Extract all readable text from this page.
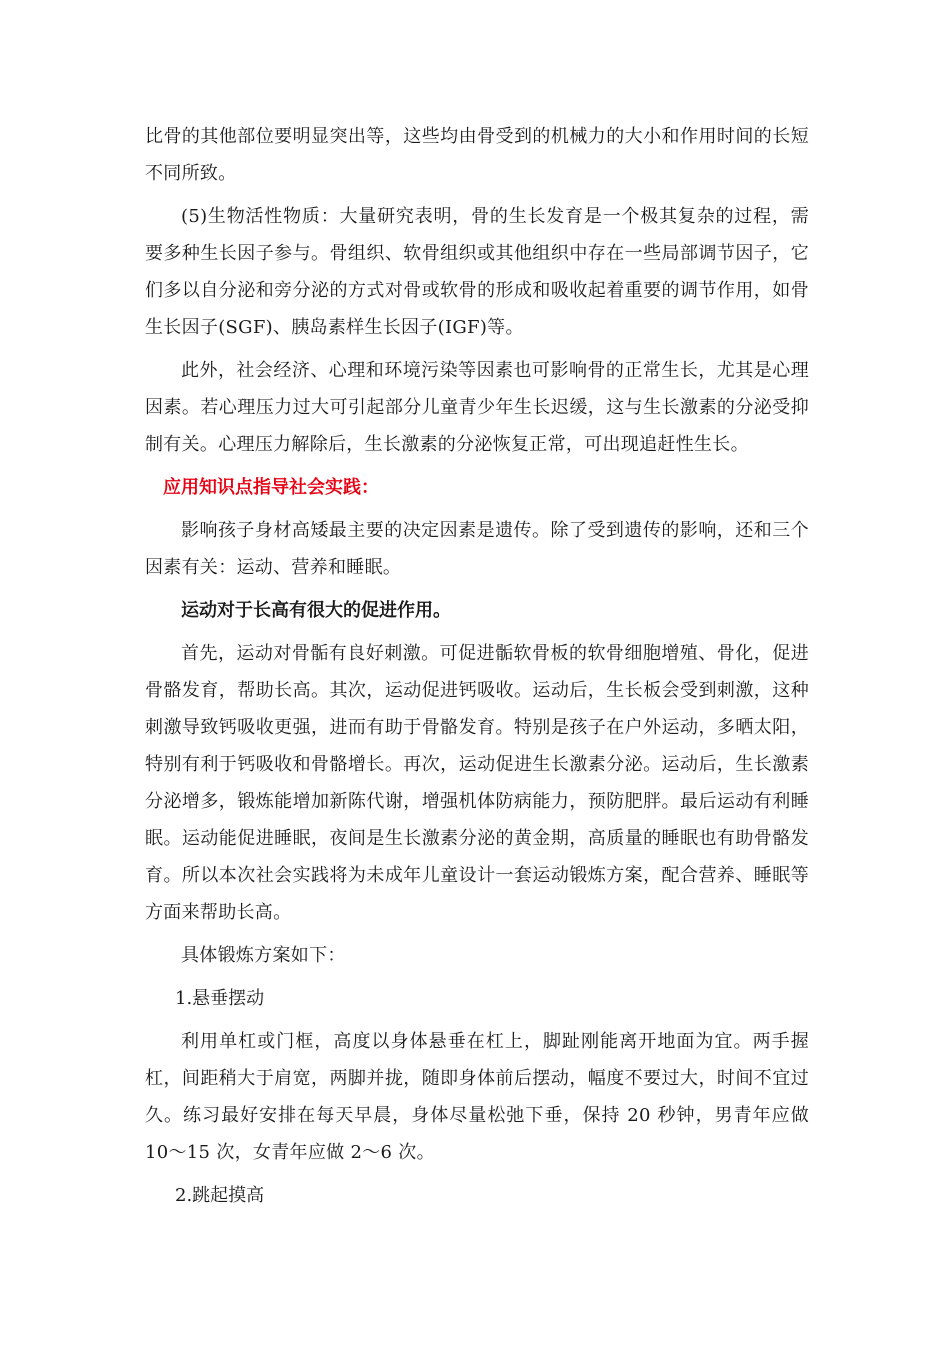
比骨的其他部位要明显突出等，这些均由骨受到的机械力的大小和作用时间的长短不同所致。

(5)生物活性物质：大量研究表明，骨的生长发育是一个极其复杂的过程，需要多种生长因子参与。骨组织、软骨组织或其他组织中存在一些局部调节因子，它们多以自分泌和旁分泌的方式对骨或软骨的形成和吸收起着重要的调节作用，如骨生长因子(SGF)、胰岛素样生长因子(IGF)等。

此外，社会经济、心理和环境污染等因素也可影响骨的正常生长，尤其是心理因素。若心理压力过大可引起部分儿童青少年生长迟缓，这与生长激素的分泌受抑制有关。心理压力解除后，生长激素的分泌恢复正常，可出现追赶性生长。

应用知识点指导社会实践：

影响孩子身材高矮最主要的决定因素是遗传。除了受到遗传的影响，还和三个因素有关：运动、营养和睡眠。

运动对于长高有很大的促进作用。

首先，运动对骨骺有良好刺激。可促进骺软骨板的软骨细胞增殖、骨化，促进骨骼发育，帮助长高。其次，运动促进钙吸收。运动后，生长板会受到刺激，这种刺激导致钙吸收更强，进而有助于骨骼发育。特别是孩子在户外运动，多晒太阳，特别有利于钙吸收和骨骼增长。再次，运动促进生长激素分泌。运动后，生长激素分泌增多，锻炼能增加新陈代谢，增强机体防病能力，预防肥胖。最后运动有利睡眠。运动能促进睡眠，夜间是生长激素分泌的黄金期，高质量的睡眠也有助骨骼发育。所以本次社会实践将为未成年儿童设计一套运动锻炼方案，配合营养、睡眠等方面来帮助长高。

具体锻炼方案如下：

1.悬垂摆动

利用单杠或门框，高度以身体悬垂在杠上，脚趾刚能离开地面为宜。两手握杠，间距稍大于肩宽，两脚并拢，随即身体前后摆动，幅度不要过大，时间不宜过久。练习最好安排在每天早晨，身体尽量松弛下垂，保持 20 秒钟，男青年应做 10～15 次，女青年应做 2～6 次。

2.跳起摸高
